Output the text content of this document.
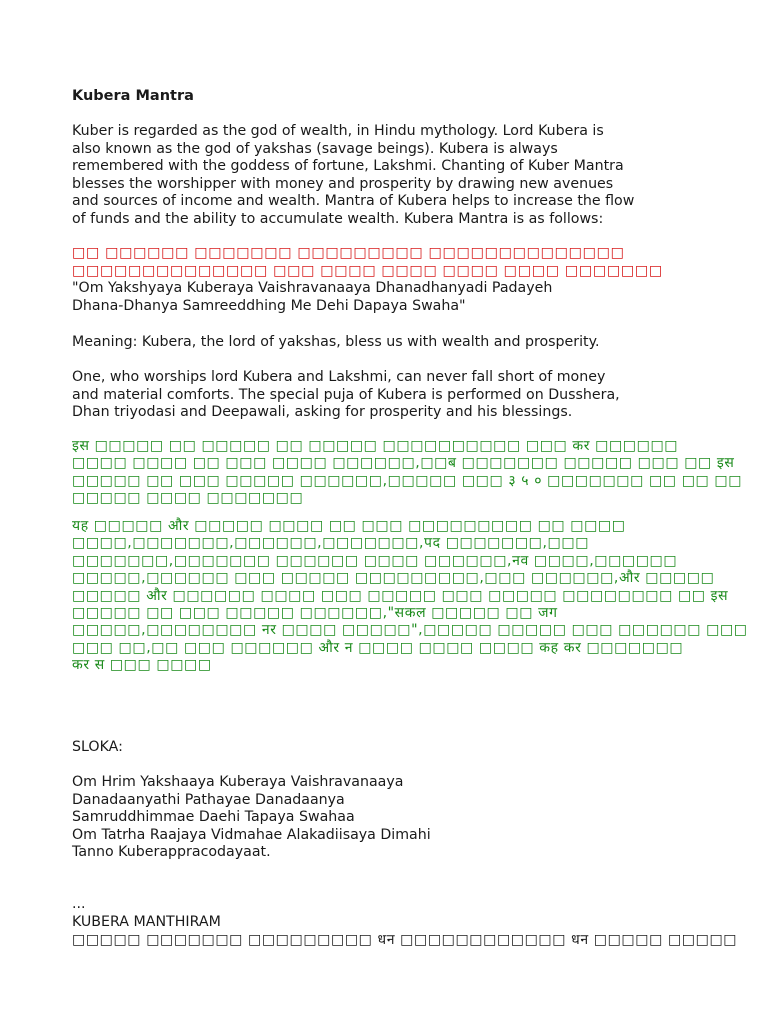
Kubera Mantra
Kuber is regarded as the god of wealth, in Hindu mythology. Lord Kubera is
also known as the god of yakshas (savage beings). Kubera is always
remembered with the goddess of fortune, Lakshmi. Chanting of Kuber Mantra
blesses the worshipper with money and prosperity by drawing new avenues
and sources of income and wealth. Mantra of Kubera helps to increase the flow
of funds and the ability to accumulate wealth. Kubera Mantra is as follows:
□□ □□□□□□ □□□□□□□ □□□□□□□□□ □□□□□□□□□□□□□□
□□□□□□□□□□□□□□ □□□ □□□□ □□□□ □□□□ □□□□ □□□□□□□
"Om Yakshyaya Kuberaya Vaishravanaaya Dhanadhanyadi Padayeh
Dhana-Dhanya Samreeddhing Me Dehi Dapaya Swaha"
Meaning: Kubera, the lord of yakshas, bless us with wealth and prosperity.
One, who worships lord Kubera and Lakshmi, can never fall short of money
and material comforts. The special puja of Kubera is performed on Dusshera,
Dhan triyodasi and Deepawali, asking for prosperity and his blessings.
इस □□□□□ □□ □□□□□ □□ □□□□□ □□□□□□□□□□ □□□ कर □□□□□□
□□□□ □□□□ □□ □□□ □□□□ □□□□□□,□□ब □□□□□□□ □□□□□ □□□ □□ इस
□□□□□ □□ □□□ □□□□□ □□□□□□,□□□□□ □□□ ३ ५ ० □□□□□□□ □□ □□ □□
□□□□□ □□□□ □□□□□□□
यह □□□□□ और □□□□□ □□□□ □□ □□□ □□□□□□□□□ □□ □□□□
□□□□,□□□□□□□,□□□□□□,□□□□□□□,पद □□□□□□□,□□□
□□□□□□□,□□□□□□□ □□□□□□ □□□□ □□□□□□,नव □□□□,□□□□□□
□□□□□,□□□□□□ □□□ □□□□□ □□□□□□□□□,□□□ □□□□□□,और □□□□□
□□□□□ और □□□□□□ □□□□ □□□ □□□□□ □□□ □□□□□ □□□□□□□□ □□ इस
□□□□□ □□ □□□ □□□□□ □□□□□□,"सकल □□□□□ □□ जग
□□□□□,□□□□□□□□ नर □□□□ □□□□□",□□□□□ □□□□□ □□□ □□□□□□ □□□
□□□ □□,□□ □□□ □□□□□□ और न □□□□ □□□□ □□□□ कह कर □□□□□□□
कर स □□□ □□□□
SLOKA:
Om Hrim Yakshaaya Kuberaya Vaishravanaaya
Danadaanyathi Pathayae Danadaanya
Samruddhimmae Daehi Tapaya Swahaa
Om Tatrha Raajaya Vidmahae Alakadiisaya Dimahi
Tanno Kuberappracodayaat.
...
KUBERA MANTHIRAM
□□□□□ □□□□□□□ □□□□□□□□□ धन □□□□□□□□□□□□ धन □□□□□ □□□□□
